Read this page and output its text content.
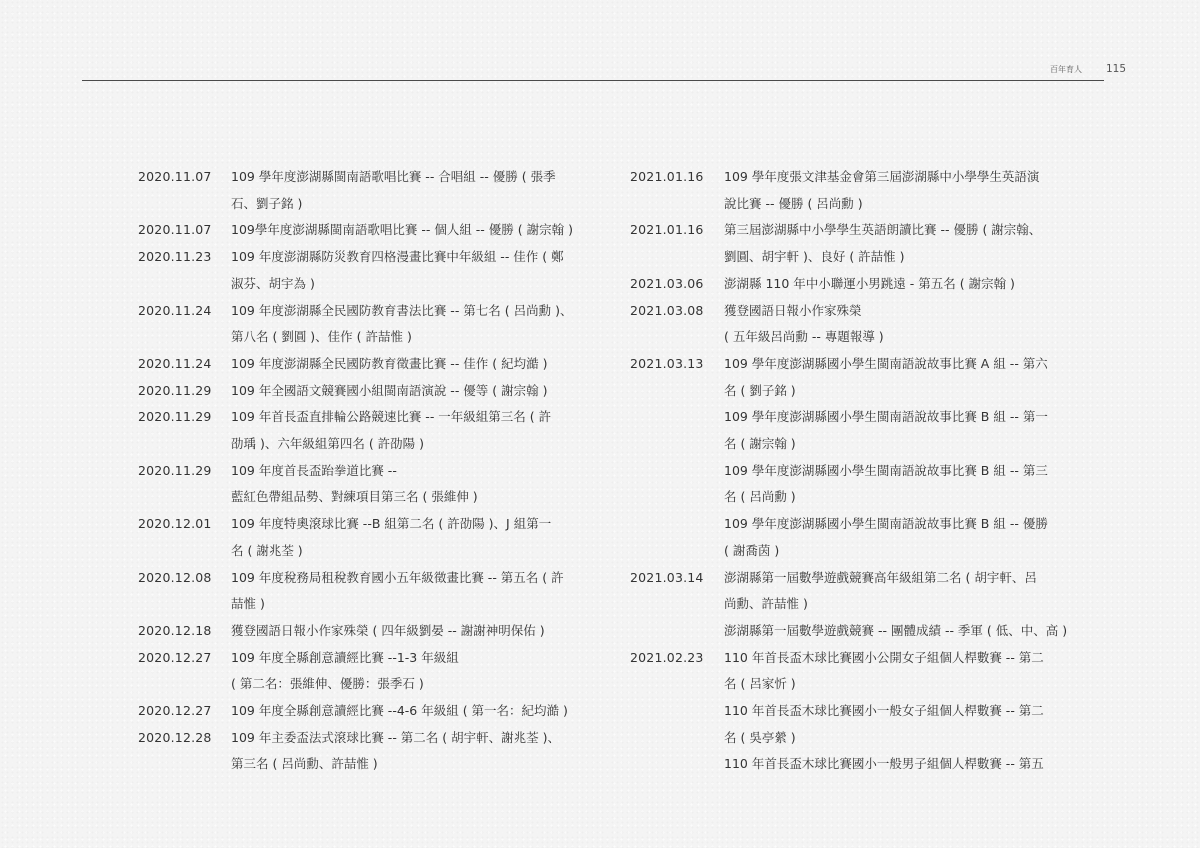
百年育人 115
2020.11.07	109 學年度澎湖縣閩南語歌唱比賽 -- 合唱組 -- 優勝 ( 張季
石、劉子銘 )
2020.11.07	109學年度澎湖縣閩南語歌唱比賽 -- 個人組 -- 優勝 ( 謝宗翰 )
2020.11.23	109 年度澎湖縣防災教育四格漫畫比賽中年級組 -- 佳作 ( 鄭
淑芬、胡宇為 )
2020.11.24	109 年度澎湖縣全民國防教育書法比賽 -- 第七名 ( 呂尚勳 )、
第八名 ( 劉圓 )、佳作 ( 許喆惟 )
2020.11.24	109 年度澎湖縣全民國防教育徵畫比賽 -- 佳作 ( 紀均澔 )
2020.11.29	109 年全國語文競賽國小組閩南語演說 -- 優等 ( 謝宗翰 )
2020.11.29	109 年首長盃直排輪公路競速比賽 -- 一年級組第三名 ( 許
劭瑀 )、六年級組第四名 ( 許劭陽 )
2020.11.29	109 年度首長盃跆拳道比賽 --
藍紅色帶組品勢、對練項目第三名 ( 張維伸 )
2020.12.01	109 年度特奧滾球比賽 --B 組第二名 ( 許劭陽 )、J 組第一
名 ( 謝兆荃 )
2020.12.08	109 年度稅務局租稅教育國小五年級徵畫比賽 -- 第五名 ( 許
喆惟 )
2020.12.18	獲登國語日報小作家殊榮 ( 四年級劉晏 -- 謝謝神明保佑 )
2020.12.27	109 年度全縣創意讀經比賽 --1-3 年級組
( 第二名：張維伸、優勝：張季石 )
2020.12.27	109 年度全縣創意讀經比賽 --4-6 年級組 ( 第一名：紀均澔 )
2020.12.28	109 年主委盃法式滾球比賽 -- 第二名 ( 胡宇軒、謝兆荃 )、
第三名 ( 呂尚勳、許喆惟 )
2021.01.16	109 學年度張文津基金會第三屆澎湖縣中小學學生英語演
說比賽 -- 優勝 ( 呂尚勳 )
2021.01.16	第三屆澎湖縣中小學學生英語朗讀比賽 -- 優勝 ( 謝宗翰、
劉圓、胡宇軒 )、良好 ( 許喆惟 )
2021.03.06	澎湖縣 110 年中小聯運小男跳遠 - 第五名 ( 謝宗翰 )
2021.03.08	獲登國語日報小作家殊榮
( 五年級呂尚勳 -- 專題報導 )
2021.03.13	109 學年度澎湖縣國小學生閩南語說故事比賽 A 組 -- 第六
名 ( 劉子銘 )
109 學年度澎湖縣國小學生閩南語說故事比賽 B 組 -- 第一
名 ( 謝宗翰 )
109 學年度澎湖縣國小學生閩南語說故事比賽 B 組 -- 第三
名 ( 呂尚勳 )
109 學年度澎湖縣國小學生閩南語說故事比賽 B 組 -- 優勝
( 謝喬茵 )
2021.03.14	澎湖縣第一屆數學遊戲競賽高年級組第二名 ( 胡宇軒、呂
尚勳、許喆惟 )
澎湖縣第一屆數學遊戲競賽 -- 團體成績 -- 季軍 ( 低、中、高 )
2021.02.23	110 年首長盃木球比賽國小公開女子組個人桿數賽 -- 第二
名 ( 呂家忻 )
110 年首長盃木球比賽國小一般女子組個人桿數賽 -- 第二
名 ( 吳亭縈 )
110 年首長盃木球比賽國小一般男子組個人桿數賽 -- 第五
